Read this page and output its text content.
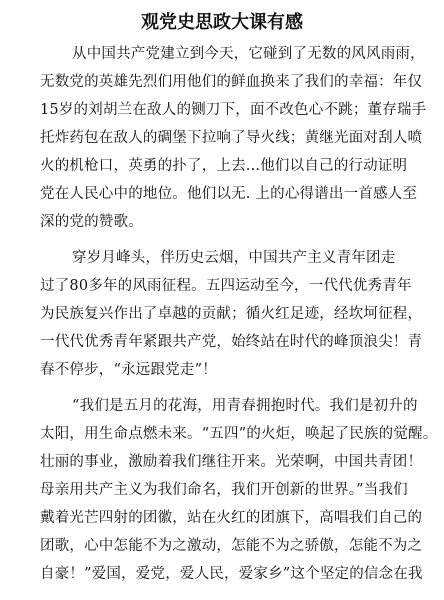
观党史思政大课有感
从中国共产党建立到今天，它碰到了无数的风风雨雨，
无数党的英雄先烈们用他们的鲜血换来了我们的幸福：年仅
15岁的刘胡兰在敌人的铡刀下，面不改色心不跳；董存瑞手
托炸药包在敌人的碉堡下拉响了导火线；黄继光面对刮人喷
火的机枪口，英勇的扑了，上去...他们以自己的行动证明
党在人民心中的地位。他们以无. 上的心得谱出一首感人至
深的党的赞歌。
穿岁月峰头，伴历史云烟，中国共产主义青年团走
过了80多年的风雨征程。五四运动至今，一代代优秀青年
为民族复兴作出了卓越的贡献；循火红足迹，经坎坷征程，
一代代优秀青年紧跟共产党，始终站在时代的峰顶浪尖！青
春不停步，“永远跟党走”！
“我们是五月的花海，用青春拥抱时代。我们是初升的
太阳，用生命点燃未来。“五四”的火炬，唤起了民族的觉醒。
壮丽的事业，激励着我们继往开来。光荣啊，中国共青团！
母亲用共产主义为我们命名，我们开创新的世界。”当我们
戴着光芒四射的团徽，站在火红的团旗下，高唱我们自己的
团歌，心中怎能不为之激动，怎能不为之骄傲，怎能不为之
自豪！”爱国，爱党，爱人民，爱家乡”这个坚定的信念在我
